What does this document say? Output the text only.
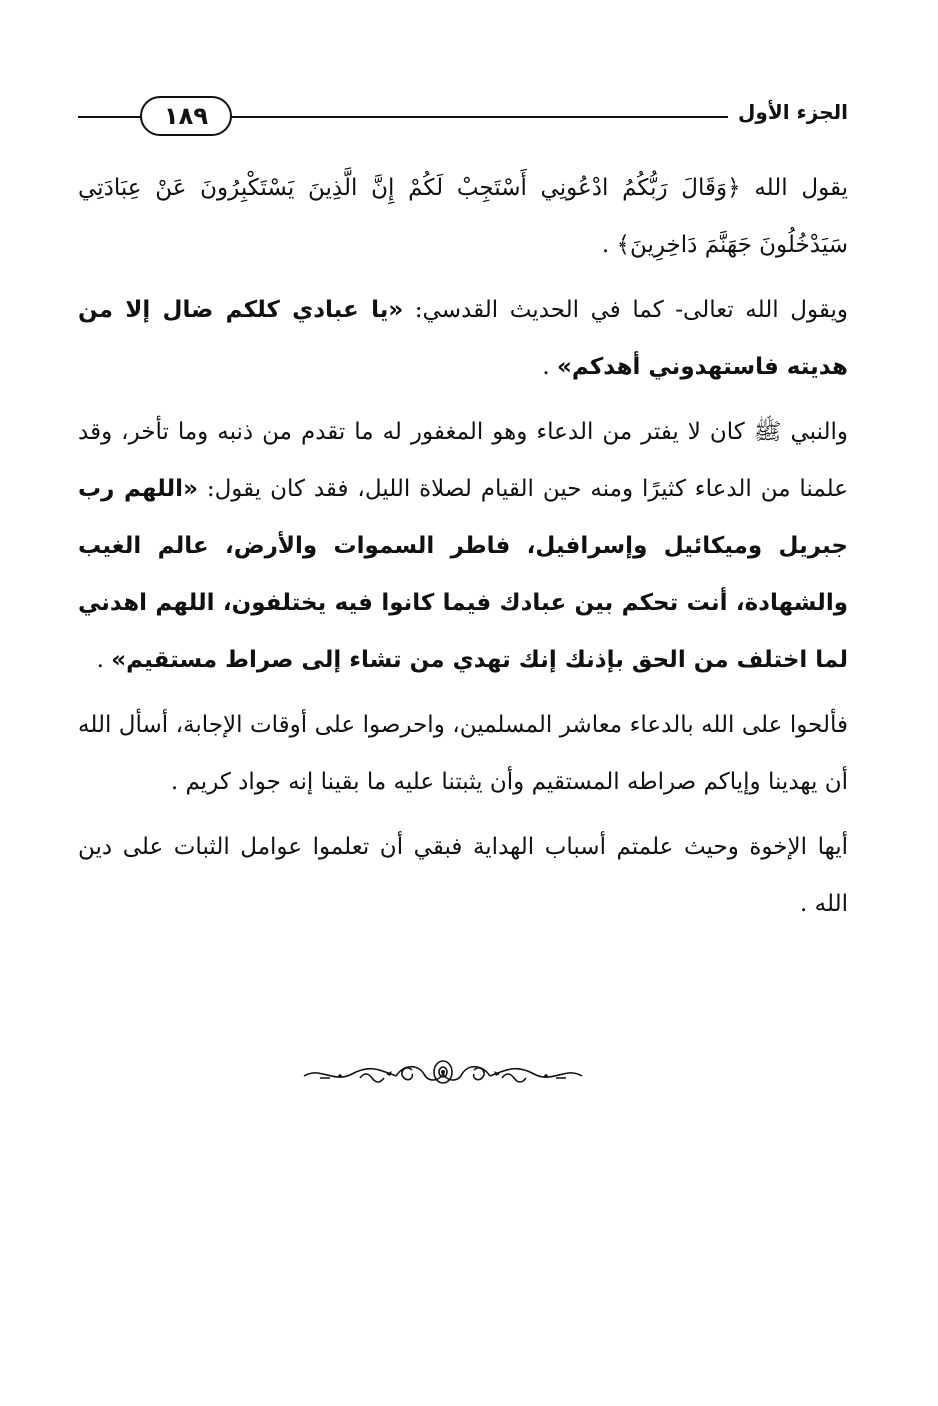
١٨٩	الجزء الأول

يقول الله ﴿وَقَالَ رَبُّكُمُ ادْعُونِي أَسْتَجِبْ لَكُمْ إِنَّ الَّذِينَ يَسْتَكْبِرُونَ عَنْ عِبَادَتِي سَيَدْخُلُونَ جَهَنَّمَ دَاخِرِينَ﴾ .

ويقول الله تعالى- كما في الحديث القدسي: «يا عبادي كلكم ضال إلا من هديته فاستهدوني أهدكم» .

والنبي ﷺ كان لا يفتر من الدعاء وهو المغفور له ما تقدم من ذنبه وما تأخر، وقد علمنا من الدعاء كثيرًا ومنه حين القيام لصلاة الليل، فقد كان يقول: «اللهم رب جبريل وميكائيل وإسرافيل، فاطر السموات والأرض، عالم الغيب والشهادة، أنت تحكم بين عبادك فيما كانوا فيه يختلفون، اللهم اهدني لما اختلف من الحق بإذنك إنك تهدي من تشاء إلى صراط مستقيم» .

فألحوا على الله بالدعاء معاشر المسلمين، واحرصوا على أوقات الإجابة، أسأل الله أن يهدينا وإياكم صراطه المستقيم وأن يثبتنا عليه ما بقينا إنه جواد كريم .

أيها الإخوة وحيث علمتم أسباب الهداية فبقي أن تعلموا عوامل الثبات على دين الله .
